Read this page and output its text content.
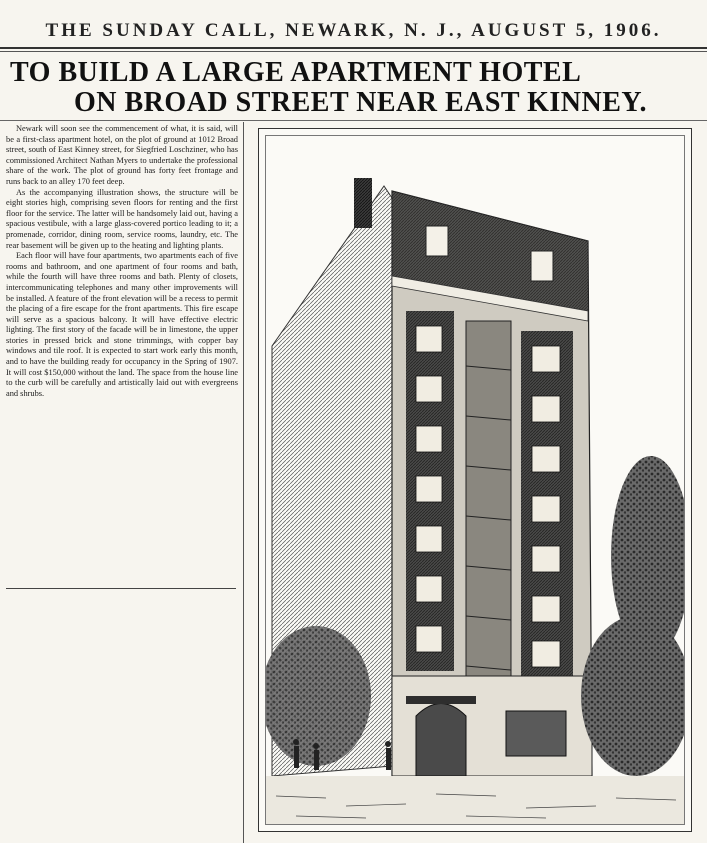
THE SUNDAY CALL, NEWARK, N. J., AUGUST 5, 1906.

TO BUILD A LARGE APARTMENT HOTEL

ON BROAD STREET NEAR EAST KINNEY.

Newark will soon see the commencement of what, it is said, will be a first-class apartment hotel, on the plot of ground at 1012 Broad street, south of East Kinney street, for Siegfried Loschziner, who has commissioned Architect Nathan Myers to undertake the professional share of the work. The plot of ground has forty feet frontage and runs back to an alley 170 feet deep.

As the accompanying illustration shows, the structure will be eight stories high, comprising seven floors for renting and the first floor for the service. The latter will be handsomely laid out, having a spacious vestibule, with a large glass-covered portico leading to it; a promenade, corridor, dining room, service rooms, laundry, etc. The rear basement will be given up to the heating and lighting plants.

Each floor will have four apartments, two apartments each of five rooms and bathroom, and one apartment of four rooms and bath, while the fourth will have three rooms and bath. Plenty of closets, intercommunicating telephones and many other improvements will be installed. A feature of the front elevation will be a recess to permit the placing of a fire escape for the front apartments. This fire escape will serve as a spacious balcony. It will have effective electric lighting. The first story of the facade will be in limestone, the upper stories in pressed brick and stone trimmings, with copper bay windows and tile roof. It is expected to start work early this month, and to have the building ready for occupancy in the Spring of 1907. It will cost $150,000 without the land. The space from the house line to the curb will be carefully and artistically laid out with evergreens and shrubs.
